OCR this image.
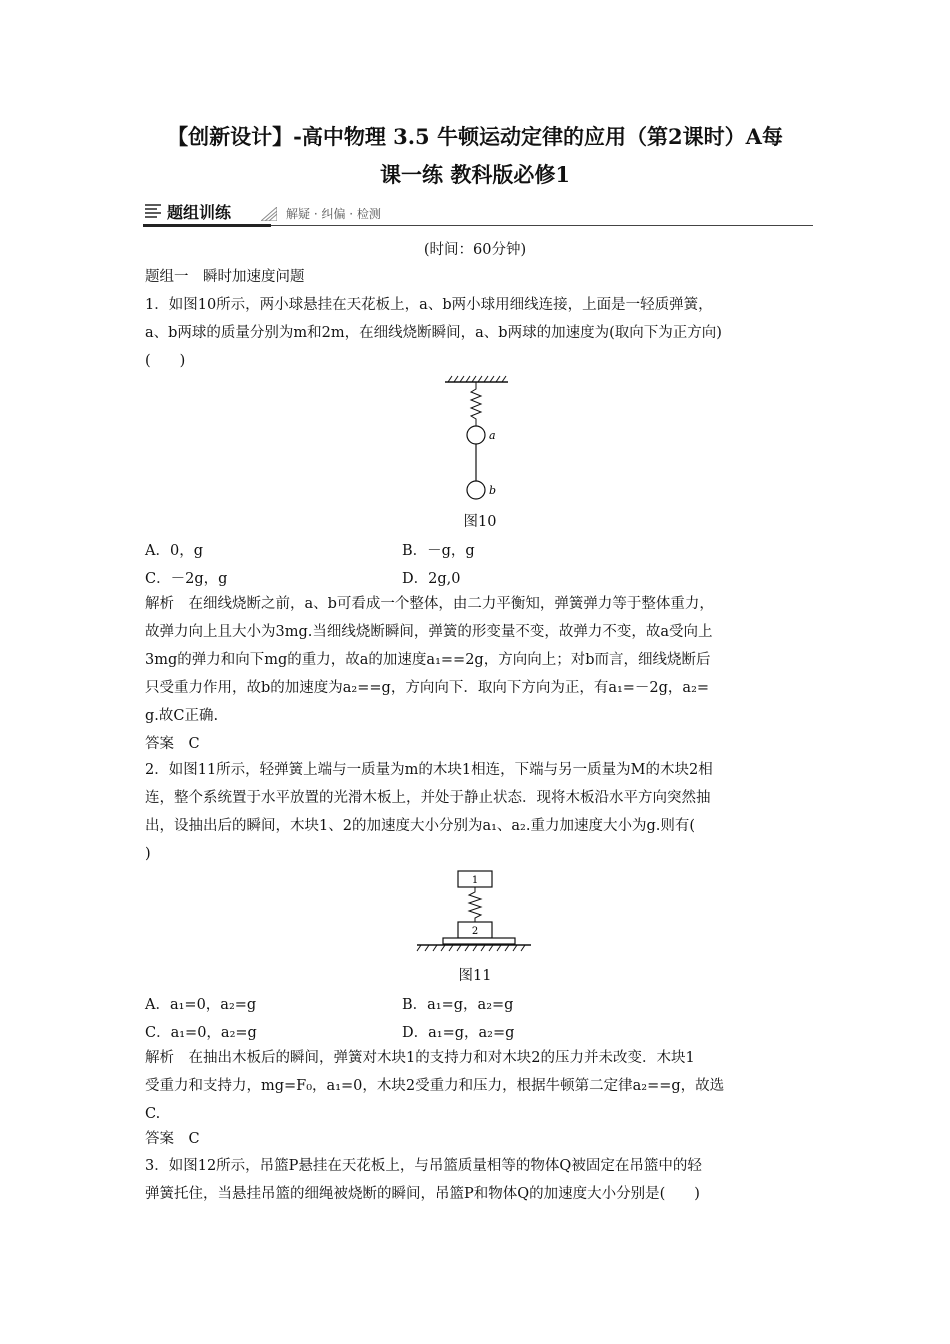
【创新设计】-高中物理 3.5 牛顿运动定律的应用（第2课时）A每
课一练 教科版必修1
题组训练	解疑 · 纠偏 · 检测
(时间：60分钟)
题组一　瞬时加速度问题
1．如图10所示，两小球悬挂在天花板上，a、b两小球用细线连接，上面是一轻质弹簧，
a、b两球的质量分别为m和2m，在细线烧断瞬间，a、b两球的加速度为(取向下为正方向)
(　　)
a
b
图10
A．0，g	B．－g，g
C．－2g，g	D．2g,0
解析　在细线烧断之前，a、b可看成一个整体，由二力平衡知，弹簧弹力等于整体重力，
故弹力向上且大小为3mg.当细线烧断瞬间，弹簧的形变量不变，故弹力不变，故a受向上
3mg的弹力和向下mg的重力，故a的加速度a₁==2g，方向向上；对b而言，细线烧断后
只受重力作用，故b的加速度为a₂==g，方向向下．取向下方向为正，有a₁=－2g，a₂=
g.故C正确.
答案　C
2．如图11所示，轻弹簧上端与一质量为m的木块1相连，下端与另一质量为M的木块2相
连，整个系统置于水平放置的光滑木板上，并处于静止状态．现将木板沿水平方向突然抽
出，设抽出后的瞬间，木块1、2的加速度大小分别为a₁、a₂.重力加速度大小为g.则有(
)
1
2
图11
A．a₁=0，a₂=g	B．a₁=g，a₂=g
C．a₁=0，a₂=g	D．a₁=g，a₂=g
解析　在抽出木板后的瞬间，弹簧对木块1的支持力和对木块2的压力并未改变．木块1
受重力和支持力，mg=F₀，a₁=0，木块2受重力和压力，根据牛顿第二定律a₂==g，故选
C.
答案　C
3．如图12所示，吊篮P悬挂在天花板上，与吊篮质量相等的物体Q被固定在吊篮中的轻
弹簧托住，当悬挂吊篮的细绳被烧断的瞬间，吊篮P和物体Q的加速度大小分别是(　　)
